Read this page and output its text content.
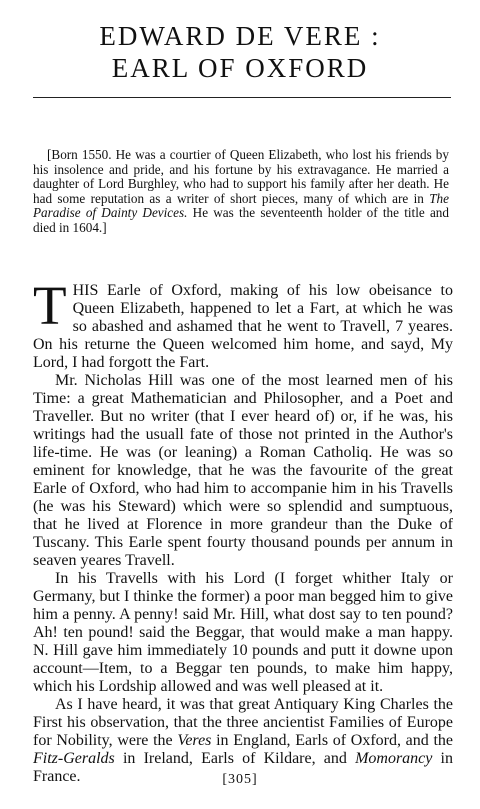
EDWARD DE VERE :
EARL OF OXFORD

[Born 1550. He was a courtier of Queen Elizabeth, who lost his friends by his insolence and pride, and his fortune by his extravagance. He married a daughter of Lord Burghley, who had to support his family after her death. He had some reputation as a writer of short pieces, many of which are in The Paradise of Dainty Devices. He was the seventeenth holder of the title and died in 1604.]

THIS Earle of Oxford, making of his low obeisance to Queen Elizabeth, happened to let a Fart, at which he was so abashed and ashamed that he went to Travell, 7 yeares. On his returne the Queen welcomed him home, and sayd, My Lord, I had forgott the Fart.

Mr. Nicholas Hill was one of the most learned men of his Time: a great Mathematician and Philosopher, and a Poet and Traveller. But no writer (that I ever heard of) or, if he was, his writings had the usuall fate of those not printed in the Author's life-time. He was (or leaning) a Roman Catholiq. He was so eminent for knowledge, that he was the favourite of the great Earle of Oxford, who had him to accompanie him in his Travells (he was his Steward) which were so splendid and sumptuous, that he lived at Florence in more grandeur than the Duke of Tuscany. This Earle spent fourty thousand pounds per annum in seaven yeares Travell.

In his Travells with his Lord (I forget whither Italy or Germany, but I thinke the former) a poor man begged him to give him a penny. A penny! said Mr. Hill, what dost say to ten pound? Ah! ten pound! said the Beggar, that would make a man happy. N. Hill gave him immediately 10 pounds and putt it downe upon account—Item, to a Beggar ten pounds, to make him happy, which his Lordship allowed and was well pleased at it.

As I have heard, it was that great Antiquary King Charles the First his observation, that the three ancientist Families of Europe for Nobility, were the Veres in England, Earls of Oxford, and the Fitz-Geralds in Ireland, Earls of Kildare, and Momorancy in France.	[305]
